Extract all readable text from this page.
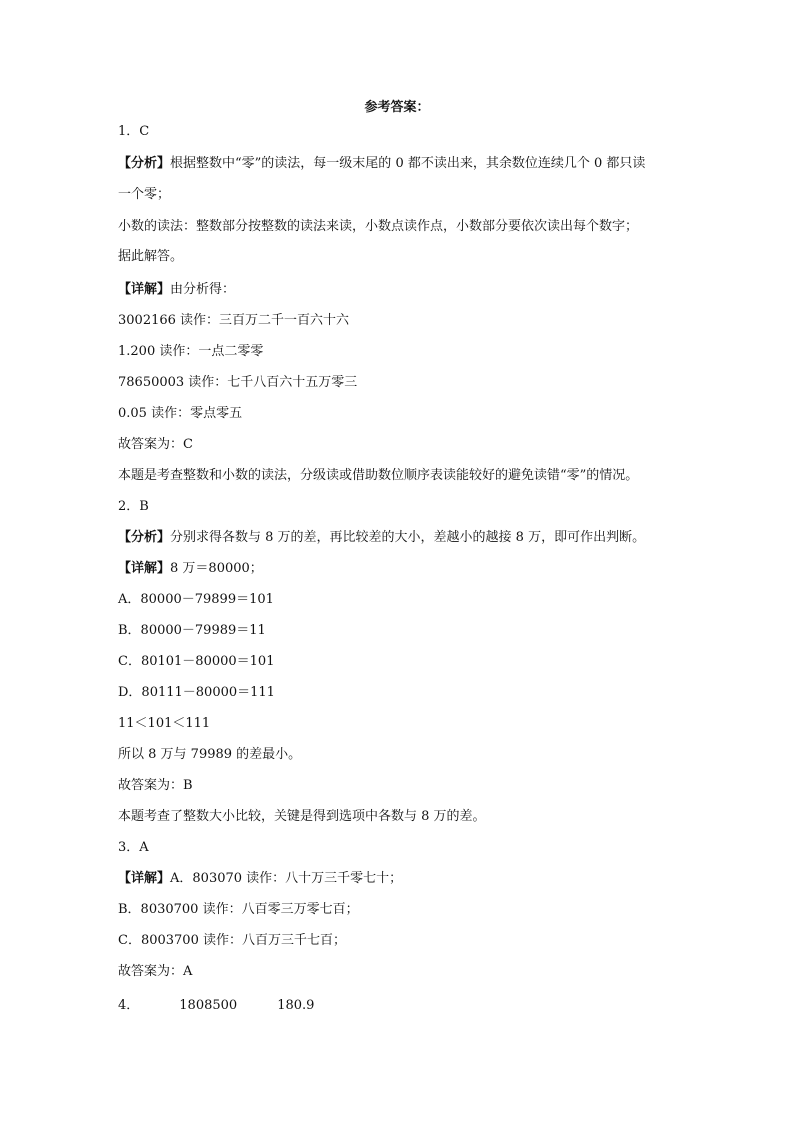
参考答案：
1．C
【分析】根据整数中“零”的读法，每一级末尾的 0 都不读出来，其余数位连续几个 0 都只读
一个零；
小数的读法：整数部分按整数的读法来读，小数点读作点，小数部分要依次读出每个数字；
据此解答。
【详解】由分析得：
3002166 读作：三百万二千一百六十六
1.200 读作：一点二零零
78650003 读作：七千八百六十五万零三
0.05 读作：零点零五
故答案为：C
本题是考查整数和小数的读法，分级读或借助数位顺序表读能较好的避免读错“零”的情况。
2．B
【分析】分别求得各数与 8 万的差，再比较差的大小，差越小的越接 8 万，即可作出判断。
【详解】8 万＝80000；
A．80000－79899＝101
B．80000－79989＝11
C．80101－80000＝101
D．80111－80000＝111
11＜101＜111
所以 8 万与 79989 的差最小。
故答案为：B
本题考查了整数大小比较，关键是得到选项中各数与 8 万的差。
3．A
【详解】A．803070 读作：八十万三千零七十；
B．8030700 读作：八百零三万零七百；
C．8003700 读作：八百万三千七百；
故答案为：A
4．	1808500	180.9
